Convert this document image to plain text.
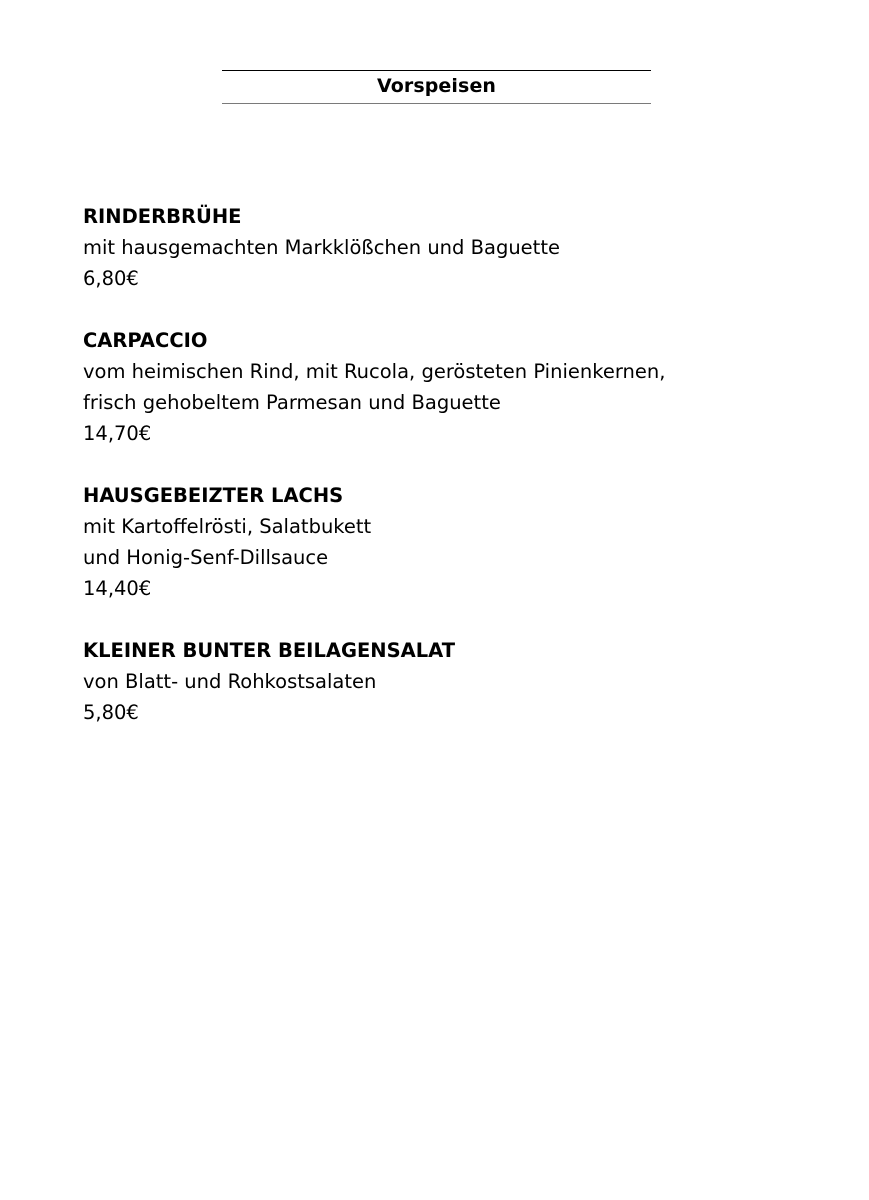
Vorspeisen
RINDERBRÜHE
mit hausgemachten Markklößchen und Baguette
6,80€
CARPACCIO
vom heimischen Rind, mit Rucola, gerösteten Pinienkernen,
frisch gehobeltem Parmesan und Baguette
14,70€
HAUSGEBEIZTER LACHS
mit Kartoffelrösti, Salatbukett
und Honig-Senf-Dillsauce
14,40€
KLEINER BUNTER BEILAGENSALAT
von Blatt- und Rohkostsalaten
5,80€
